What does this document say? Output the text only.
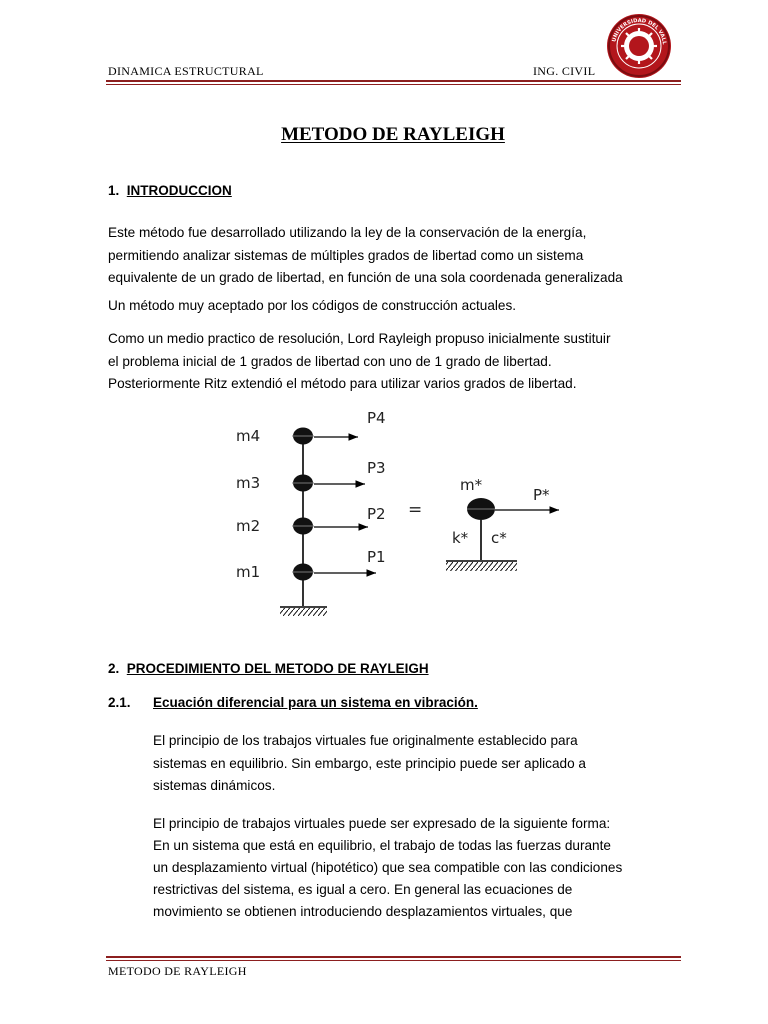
DINAMICA ESTRUCTURAL	ING. CIVIL
UNIVERSIDAD DEL VALL
METODO DE RAYLEIGH
1. INTRODUCCION

Este método fue desarrollado utilizando la ley de la conservación de la energía,

permitiendo analizar sistemas de múltiples grados de libertad como un sistema

equivalente de un grado de libertad, en función de una sola coordenada generalizada

Un método muy aceptado por los códigos de construcción actuales.

Como un medio practico de resolución, Lord Rayleigh propuso inicialmente sustituir

el problema inicial de 1 grados de libertad con uno de 1 grado de libertad.

Posteriormente Ritz extendió el método para utilizar varios grados de libertad.

m4
m3
m2
m1
P4
P3
P2
P1
=
m*
P*
k* c*
2. PROCEDIMIENTO DEL METODO DE RAYLEIGH
2.1. Ecuación diferencial para un sistema en vibración.

El principio de los trabajos virtuales fue originalmente establecido para

sistemas en equilibrio. Sin embargo, este principio puede ser aplicado a

sistemas dinámicos.

El principio de trabajos virtuales puede ser expresado de la siguiente forma:

En un sistema que está en equilibrio, el trabajo de todas las fuerzas durante

un desplazamiento virtual (hipotético) que sea compatible con las condiciones

restrictivas del sistema, es igual a cero. En general las ecuaciones de

movimiento se obtienen introduciendo desplazamientos virtuales, que

METODO DE RAYLEIGH
